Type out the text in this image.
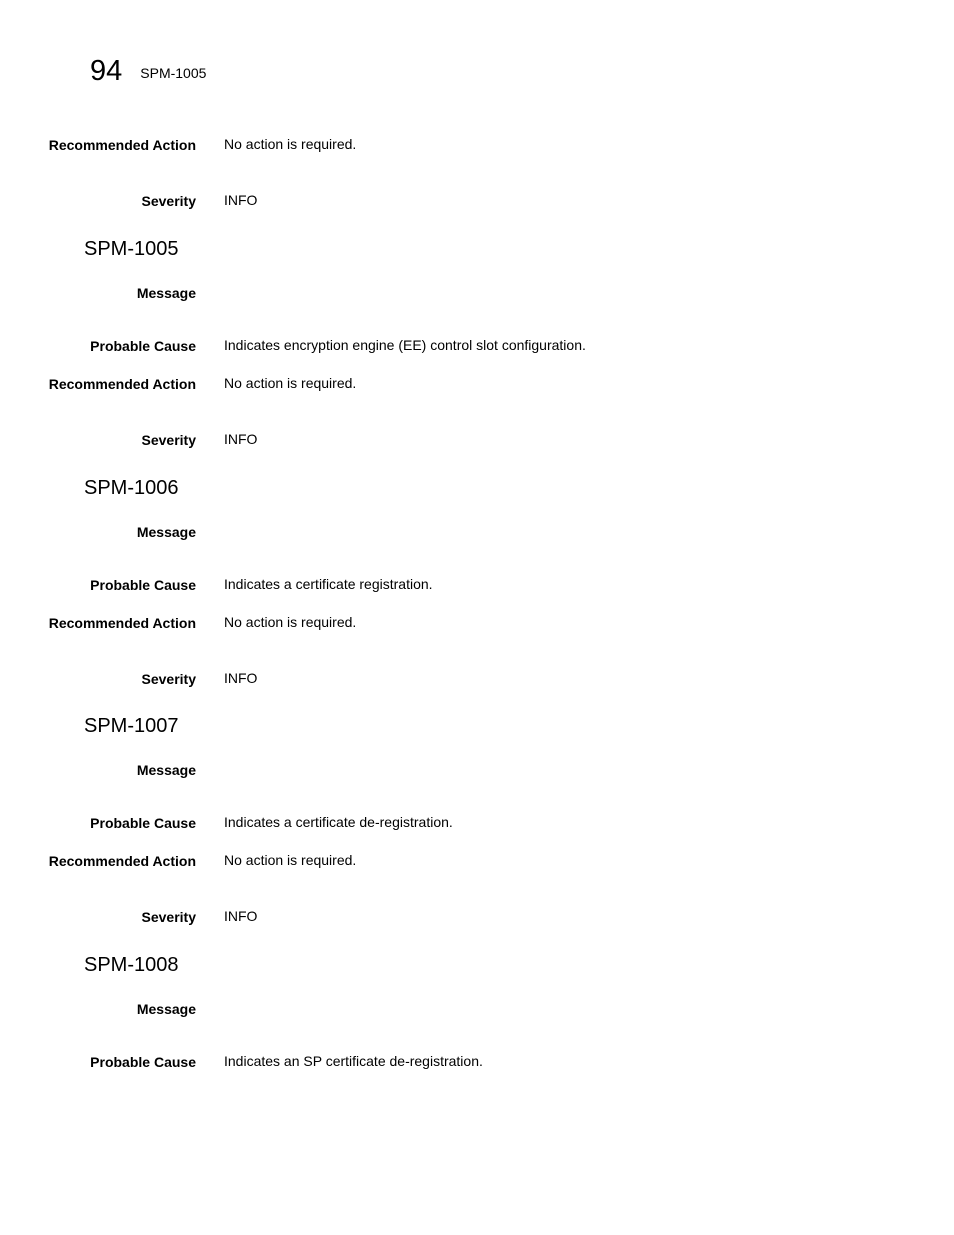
94 SPM-1005
Recommended Action No action is required.
Severity INFO
SPM-1005
Message
Probable Cause Indicates encryption engine (EE) control slot configuration.
Recommended Action No action is required.
Severity INFO
SPM-1006
Message
Probable Cause Indicates a certificate registration.
Recommended Action No action is required.
Severity INFO
SPM-1007
Message
Probable Cause Indicates a certificate de-registration.
Recommended Action No action is required.
Severity INFO
SPM-1008
Message
Probable Cause Indicates an SP certificate de-registration.
